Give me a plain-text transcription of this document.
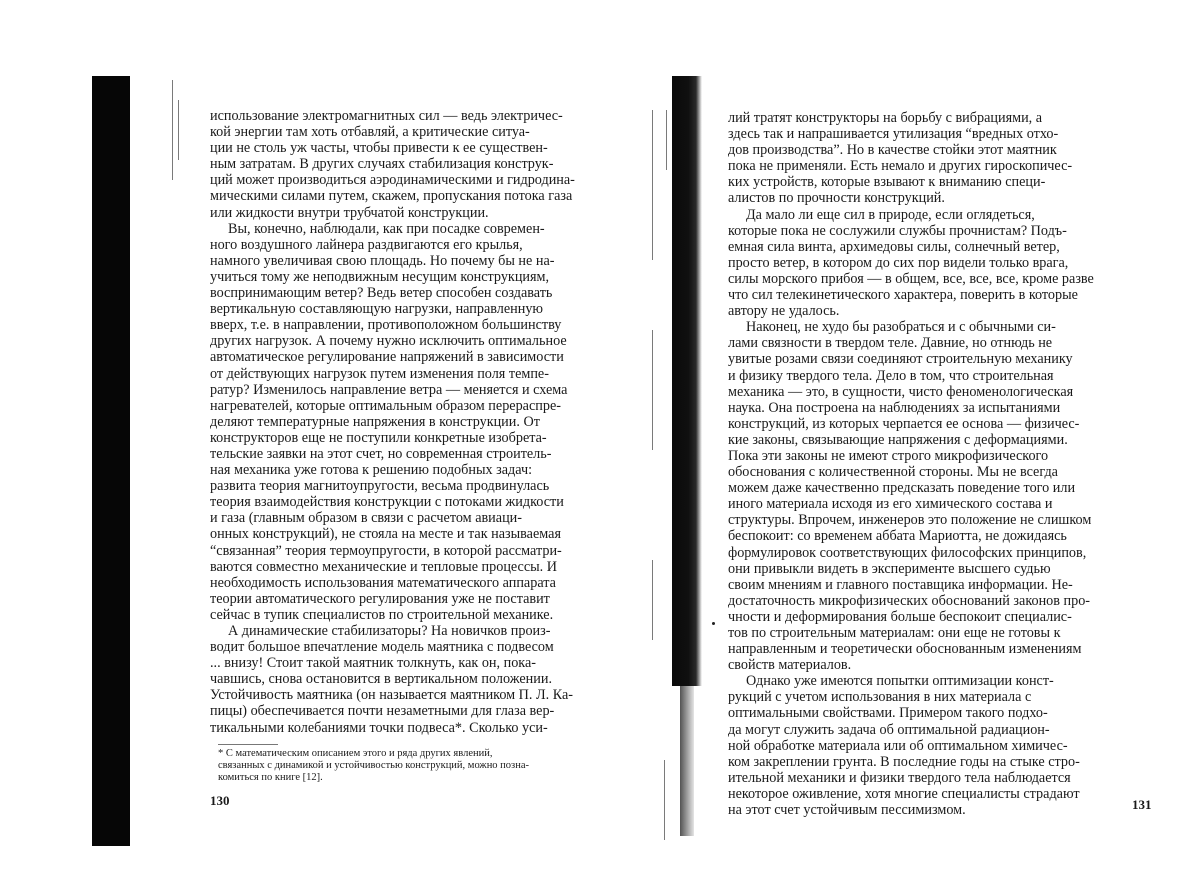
использование электромагнитных сил — ведь электричес-
кой энергии там хоть отбавляй, а критические ситуа-
ции не столь уж часты, чтобы привести к ее существен-
ным затратам. В других случаях стабилизация конструк-
ций может производиться аэродинамическими и гидродина-
мическими силами путем, скажем, пропускания потока газа
или жидкости внутри трубчатой конструкции.

Вы, конечно, наблюдали, как при посадке современ-
ного воздушного лайнера раздвигаются его крылья,
намного увеличивая свою площадь. Но почему бы не на-
учиться тому же неподвижным несущим конструкциям,
воспринимающим ветер? Ведь ветер способен создавать
вертикальную составляющую нагрузки, направленную
вверх, т.е. в направлении, противоположном большинству
других нагрузок. А почему нужно исключить оптимальное
автоматическое регулирование напряжений в зависимости
от действующих нагрузок путем изменения поля темпе-
ратур? Изменилось направление ветра — меняется и схема
нагревателей, которые оптимальным образом перераспре-
деляют температурные напряжения в конструкции. От
конструкторов еще не поступили конкретные изобрета-
тельские заявки на этот счет, но современная строитель-
ная механика уже готова к решению подобных задач:
развита теория магнитоупругости, весьма продвинулась
теория взаимодействия конструкции с потоками жидкости
и газа (главным образом в связи с расчетом авиаци-
онных конструкций), не стояла на месте и так называемая
“связанная” теория термоупругости, в которой рассматри-
ваются совместно механические и тепловые процессы. И
необходимость использования математического аппарата
теории автоматического регулирования уже не поставит
сейчас в тупик специалистов по строительной механике.

А динамические стабилизаторы? На новичков произ-
водит большое впечатление модель маятника с подвесом
... внизу! Стоит такой маятник толкнуть, как он, пока-
чавшись, снова остановится в вертикальном положении.
Устойчивость маятника (он называется маятником П. Л. Ка-
пицы) обеспечивается почти незаметными для глаза вер-
тикальными колебаниями точки подвеса*. Сколько уси-

* С математическим описанием этого и ряда других явлений,
связанных с динамикой и устойчивостью конструкций, можно позна-
комиться по книге [12].
130

лий тратят конструкторы на борьбу с вибрациями, а
здесь так и напрашивается утилизация “вредных отхо-
дов производства”. Но в качестве стойки этот маятник
пока не применяли. Есть немало и других гироскопичес-
ких устройств, которые взывают к вниманию специ-
алистов по прочности конструкций.

Да мало ли еще сил в природе, если оглядеться,
которые пока не сослужили службы прочнистам? Подъ-
емная сила винта, архимедовы силы, солнечный ветер,
просто ветер, в котором до сих пор видели только врага,
силы морского прибоя — в общем, все, все, все, кроме разве
что сил телекинетического характера, поверить в которые
автору не удалось.

Наконец, не худо бы разобраться и с обычными си-
лами связности в твердом теле. Давние, но отнюдь не
увитые розами связи соединяют строительную механику
и физику твердого тела. Дело в том, что строительная
механика — это, в сущности, чисто феноменологическая
наука. Она построена на наблюдениях за испытаниями
конструкций, из которых черпается ее основа — физичес-
кие законы, связывающие напряжения с деформациями.
Пока эти законы не имеют строго микрофизического
обоснования с количественной стороны. Мы не всегда
можем даже качественно предсказать поведение того или
иного материала исходя из его химического состава и
структуры. Впрочем, инженеров это положение не слишком
беспокоит: со временем аббата Мариотта, не дожидаясь
формулировок соответствующих философских принципов,
они привыкли видеть в эксперименте высшего судью
своим мнениям и главного поставщика информации. Не-
достаточность микрофизических обоснований законов про-
чности и деформирования больше беспокоит специалис-
тов по строительным материалам: они еще не готовы к
направленным и теоретически обоснованным изменениям
свойств материалов.

Однако уже имеются попытки оптимизации конст-
рукций с учетом использования в них материала с
оптимальными свойствами. Примером такого подхо-
да могут служить задача об оптимальной радиацион-
ной обработке материала или об оптимальном химичес-
ком закреплении грунта. В последние годы на стыке стро-
ительной механики и физики твердого тела наблюдается
некоторое оживление, хотя многие специалисты страдают
на этот счет устойчивым пессимизмом.	131
